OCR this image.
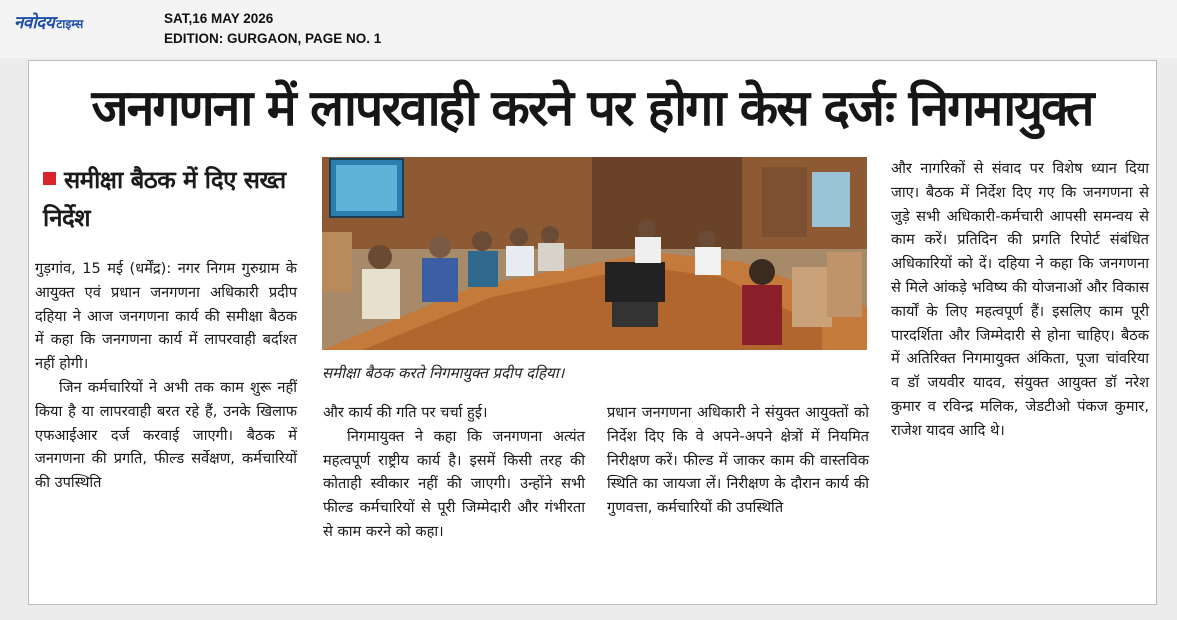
नवोदय टाइम्स	SAT,16 MAY 2026
EDITION: GURGAON, PAGE NO. 1
जनगणना में लापरवाही करने पर होगा केस दर्जः निगमायुक्त
समीक्षा बैठक में दिए सख्त निर्देश

गुड़गांव, 15 मई (धर्मेंद्र): नगर निगम गुरुग्राम के आयुक्त एवं प्रधान जनगणना अधिकारी प्रदीप दहिया ने आज जनगणना कार्य की समीक्षा बैठक में कहा कि जनगणना कार्य में लापरवाही बर्दाश्त नहीं होगी।

जिन कर्मचारियों ने अभी तक काम शुरू नहीं किया है या लापरवाही बरत रहे हैं, उनके खिलाफ एफआईआर दर्ज करवाई जाएगी। बैठक में जनगणना की प्रगति, फील्ड सर्वेक्षण, कर्मचारियों की उपस्थिति

समीक्षा बैठक करते निगमायुक्त प्रदीप दहिया।

और कार्य की गति पर चर्चा हुई।

निगमायुक्त ने कहा कि जनगणना अत्यंत महत्वपूर्ण राष्ट्रीय कार्य है। इसमें किसी तरह की कोताही स्वीकार नहीं की जाएगी। उन्होंने सभी फील्ड कर्मचारियों से पूरी जिम्मेदारी और गंभीरता से काम करने को कहा।

प्रधान जनगणना अधिकारी ने संयुक्त आयुक्तों को निर्देश दिए कि वे अपने-अपने क्षेत्रों में नियमित निरीक्षण करें। फील्ड में जाकर काम की वास्तविक स्थिति का जायजा लें। निरीक्षण के दौरान कार्य की गुणवत्ता, कर्मचारियों की उपस्थिति

और नागरिकों से संवाद पर विशेष ध्यान दिया जाए। बैठक में निर्देश दिए गए कि जनगणना से जुड़े सभी अधिकारी-कर्मचारी आपसी समन्वय से काम करें। प्रतिदिन की प्रगति रिपोर्ट संबंधित अधिकारियों को दें। दहिया ने कहा कि जनगणना से मिले आंकड़े भविष्य की योजनाओं और विकास कार्यों के लिए महत्वपूर्ण हैं। इसलिए काम पूरी पारदर्शिता और जिम्मेदारी से होना चाहिए। बैठक में अतिरिक्त निगमायुक्त अंकिता, पूजा चांवरिया व डॉ जयवीर यादव, संयुक्त आयुक्त डॉ नरेश कुमार व रविन्द्र मलिक, जेडटीओ पंकज कुमार, राजेश यादव आदि थे।
